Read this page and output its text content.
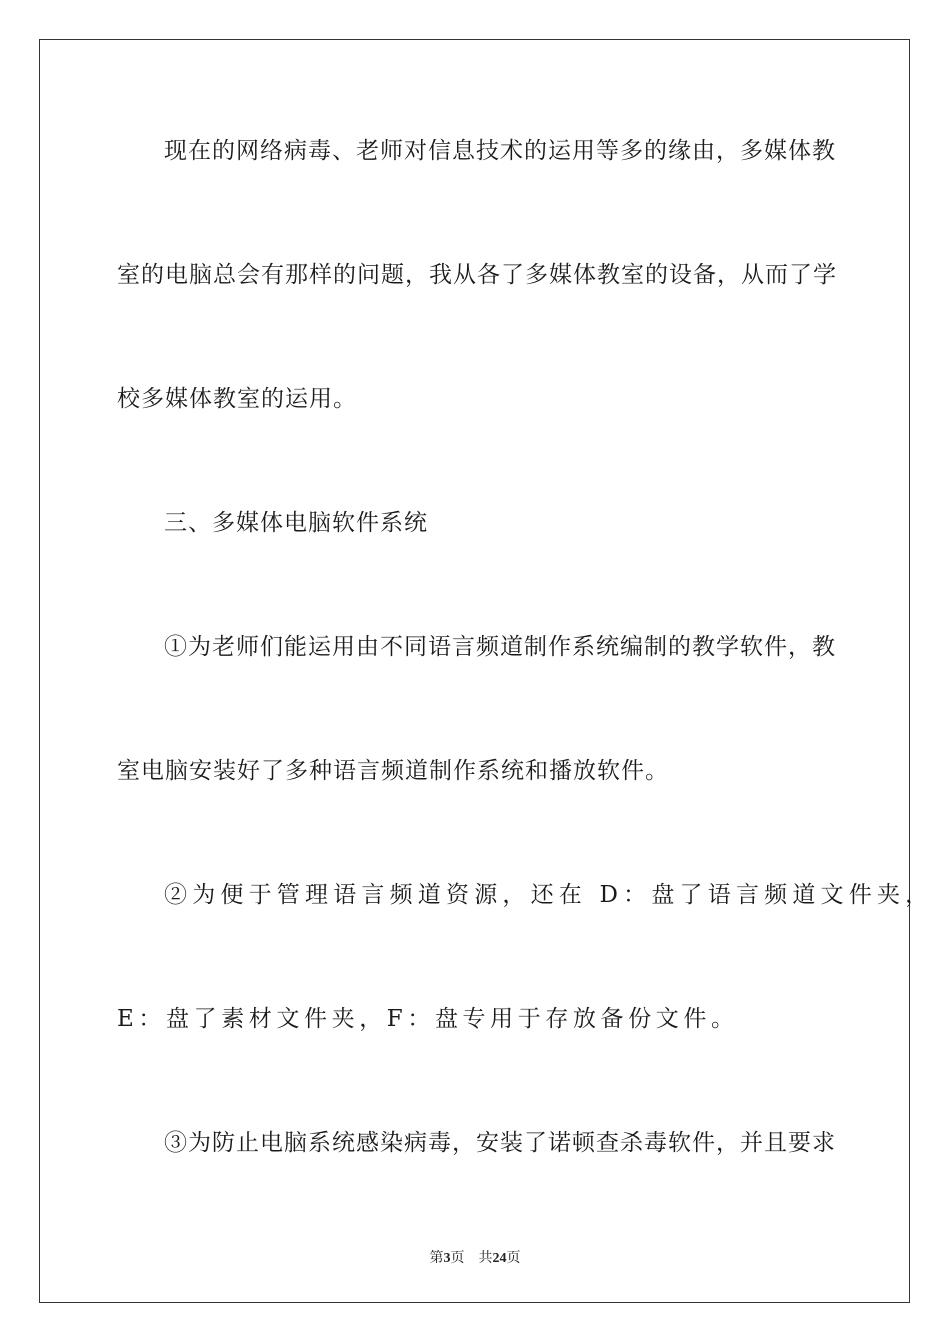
现在的网络病毒、老师对信息技术的运用等多的缘由，多媒体教
室的电脑总会有那样的问题，我从各了多媒体教室的设备，从而了学
校多媒体教室的运用。
三、多媒体电脑软件系统
①为老师们能运用由不同语言频道制作系统编制的教学软件，教
室电脑安装好了多种语言频道制作系统和播放软件。
②为便于管理语言频道资源，还在 D：盘了语言频道文件夹，
E：盘了素材文件夹，F：盘专用于存放备份文件。
③为防止电脑系统感染病毒，安装了诺顿查杀毒软件，并且要求
第3页 共24页
